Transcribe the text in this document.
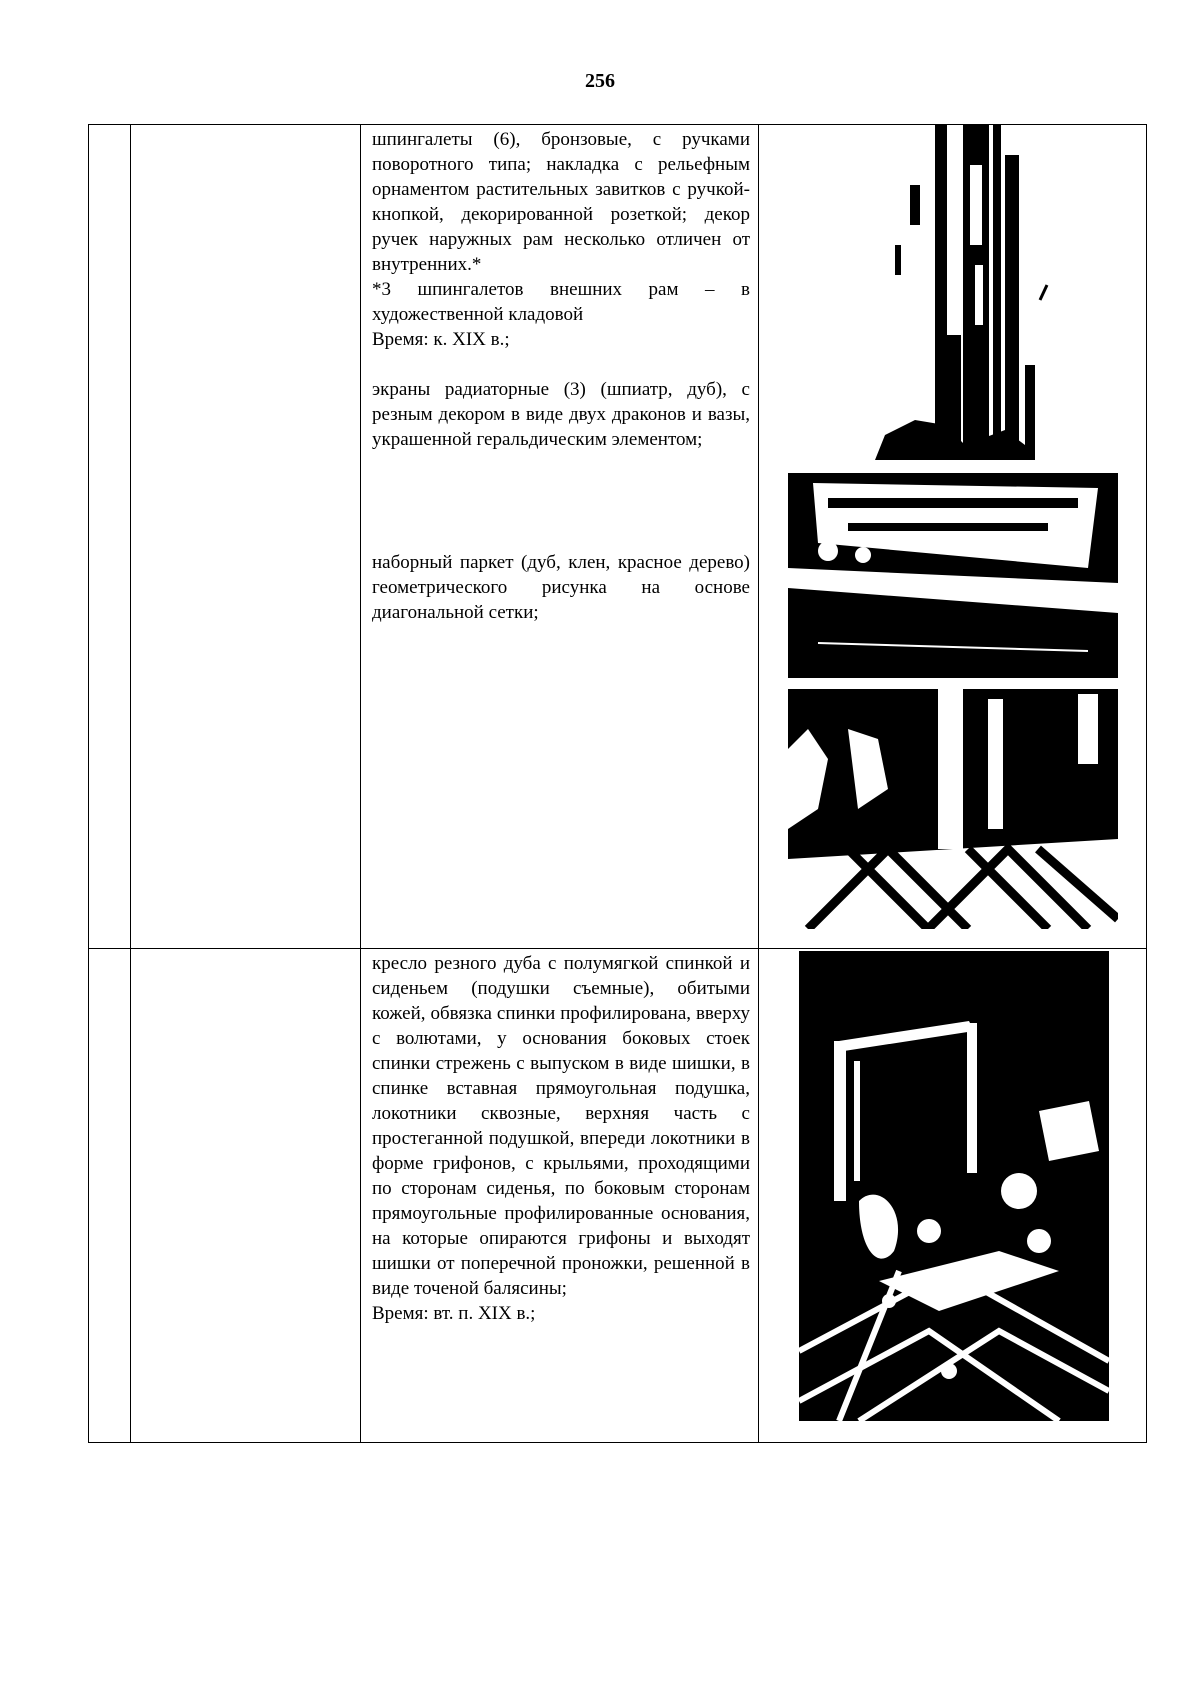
256

		шпингалеты (6), бронзовые, с ручками поворотного типа; накладка с рельефным орнаментом растительных завитков с ручкой-кнопкой, декорированной розеткой; декор ручек наружных рам несколько отличен от внутренних.*

*3 шпингалетов внешних рам – в художественной кладовой

Время: к. XIX в.;

экраны радиаторные (3) (шпиатр, дуб), с резным декором в виде двух драконов и вазы, украшенной геральдическим элементом;

наборный паркет (дуб, клен, красное дерево) геометрического рисунка на основе диагональной сетки;

		кресло резного дуба с полумягкой спинкой и сиденьем (подушки съемные), обитыми кожей, обвязка спинки профилирована, вверху с волютами, у основания боковых стоек спинки стрежень с выпуском в виде шишки, в спинке вставная прямоугольная подушка, локотники сквозные, верхняя часть с простеганной подушкой, впереди локотники в форме грифонов, с крыльями, проходящими по сторонам сиденья, по боковым сторонам прямоугольные профилированные основания, на которые опираются грифоны и выходят шишки от поперечной проножки, решенной в виде точеной балясины;

Время: вт. п. XIX в.;
